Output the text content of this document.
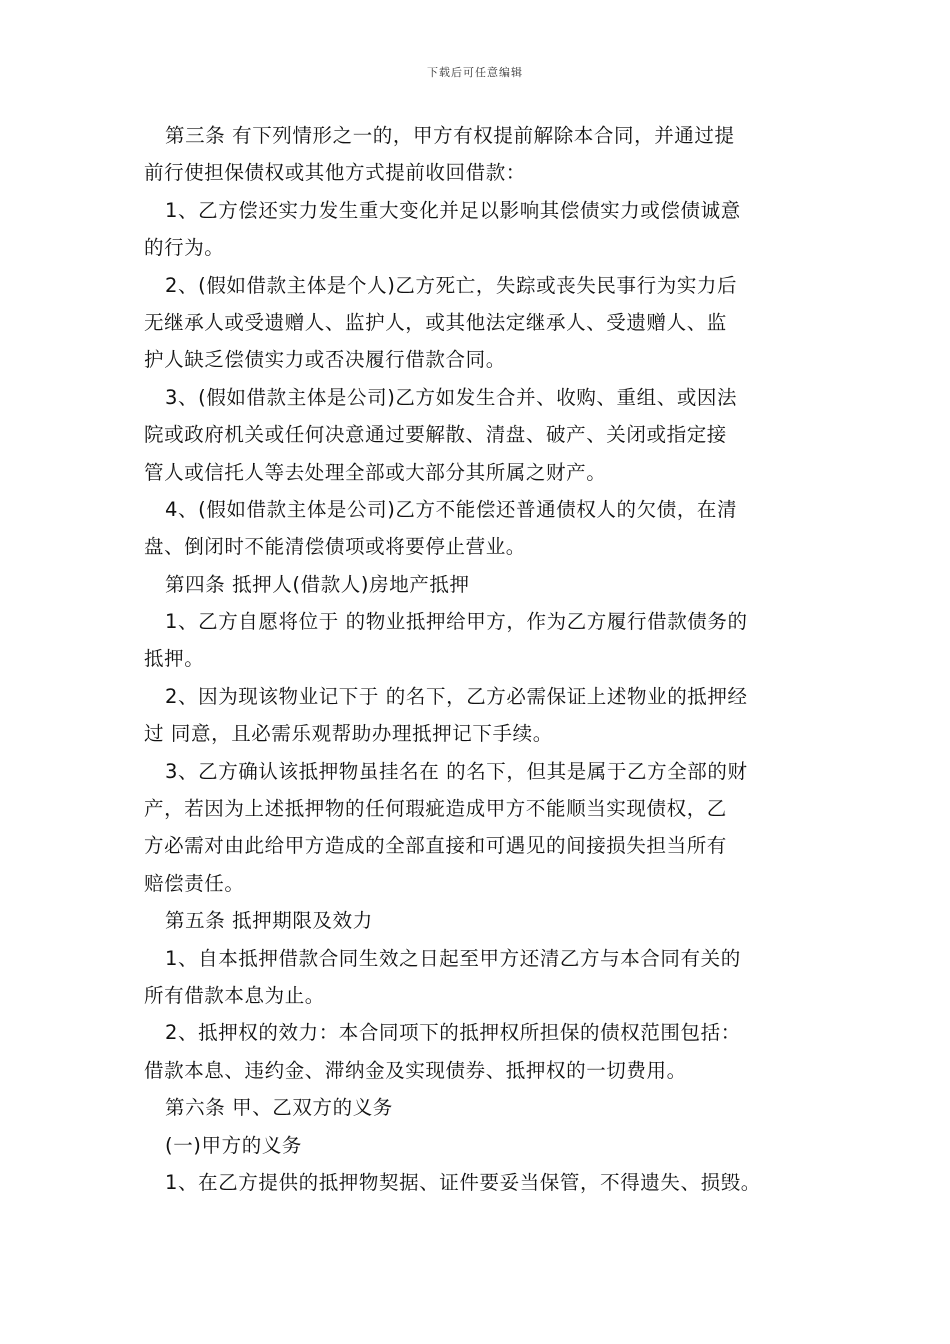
下载后可任意编辑
第三条 有下列情形之一的，甲方有权提前解除本合同，并通过提
前行使担保债权或其他方式提前收回借款：
1、乙方偿还实力发生重大变化并足以影响其偿债实力或偿债诚意
的行为。
2、(假如借款主体是个人)乙方死亡，失踪或丧失民事行为实力后
无继承人或受遗赠人、监护人，或其他法定继承人、受遗赠人、监
护人缺乏偿债实力或否决履行借款合同。
3、(假如借款主体是公司)乙方如发生合并、收购、重组、或因法
院或政府机关或任何决意通过要解散、清盘、破产、关闭或指定接
管人或信托人等去处理全部或大部分其所属之财产。
4、(假如借款主体是公司)乙方不能偿还普通债权人的欠债，在清
盘、倒闭时不能清偿债项或将要停止营业。
第四条 抵押人(借款人)房地产抵押
1、乙方自愿将位于 的物业抵押给甲方，作为乙方履行借款债务的
抵押。
2、因为现该物业记下于 的名下，乙方必需保证上述物业的抵押经
过 同意，且必需乐观帮助办理抵押记下手续。
3、乙方确认该抵押物虽挂名在 的名下，但其是属于乙方全部的财
产，若因为上述抵押物的任何瑕疵造成甲方不能顺当实现债权，乙
方必需对由此给甲方造成的全部直接和可遇见的间接损失担当所有
赔偿责任。
第五条 抵押期限及效力
1、自本抵押借款合同生效之日起至甲方还清乙方与本合同有关的
所有借款本息为止。
2、抵押权的效力：本合同项下的抵押权所担保的债权范围包括：
借款本息、违约金、滞纳金及实现债券、抵押权的一切费用。
第六条 甲、乙双方的义务
(一)甲方的义务
1、在乙方提供的抵押物契据、证件要妥当保管，不得遗失、损毁。
